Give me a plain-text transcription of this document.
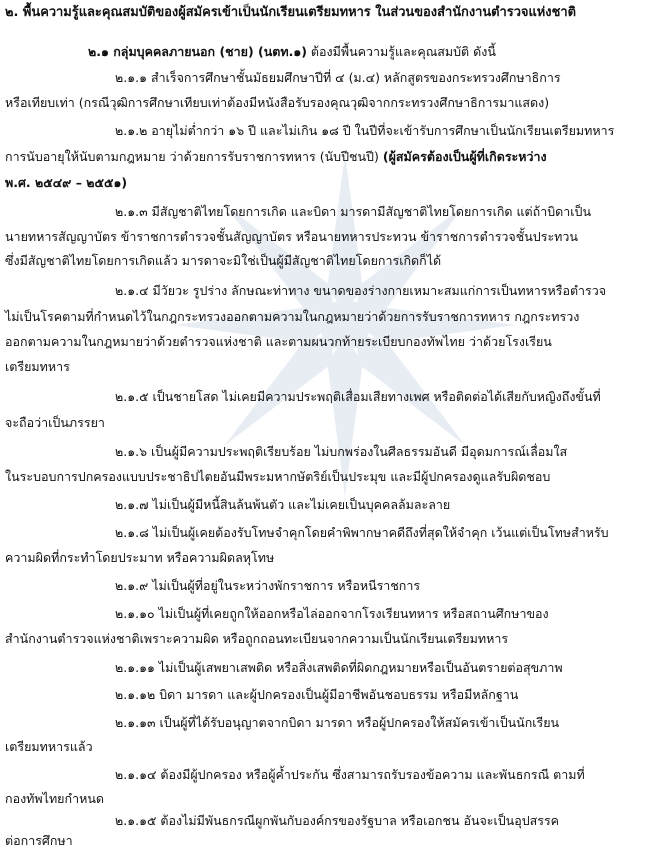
๒. พื้นความรู้และคุณสมบัติของผู้สมัครเข้าเป็นนักเรียนเตรียมทหาร ในส่วนของสำนักงานตำรวจแห่งชาติ

๒.๑ กลุ่มบุคคลภายนอก (ชาย) (นตท.๑) ต้องมีพื้นความรู้และคุณสมบัติ ดังนี้

๒.๑.๑ สำเร็จการศึกษาชั้นมัธยมศึกษาปีที่ ๔ (ม.๔) หลักสูตรของกระทรวงศึกษาธิการ

หรือเทียบเท่า (กรณีวุฒิการศึกษาเทียบเท่าต้องมีหนังสือรับรองคุณวุฒิจากกระทรวงศึกษาธิการมาแสดง)

๒.๑.๒ อายุไม่ต่ำกว่า ๑๖ ปี และไม่เกิน ๑๘ ปี ในปีที่จะเข้ารับการศึกษาเป็นนักเรียนเตรียมทหาร

การนับอายุให้นับตามกฎหมาย ว่าด้วยการรับราชการทหาร (นับปีชนปี) (ผู้สมัครต้องเป็นผู้ที่เกิดระหว่าง

พ.ศ. ๒๕๔๙ – ๒๕๕๑)

๒.๑.๓ มีสัญชาติไทยโดยการเกิด และบิดา มารดามีสัญชาติไทยโดยการเกิด แต่ถ้าบิดาเป็น

นายทหารสัญญาบัตร ข้าราชการตำรวจชั้นสัญญาบัตร หรือนายทหารประทวน ข้าราชการตำรวจชั้นประทวน

ซึ่งมีสัญชาติไทยโดยการเกิดแล้ว มารดาจะมิใช่เป็นผู้มีสัญชาติไทยโดยการเกิดก็ได้

๒.๑.๔ มีวัยวะ รูปร่าง ลักษณะท่าทาง ขนาดของร่างกายเหมาะสมแก่การเป็นทหารหรือตำรวจ

ไม่เป็นโรคตามที่กำหนดไว้ในกฎกระทรวงออกตามความในกฎหมายว่าด้วยการรับราชการทหาร กฎกระทรวง

ออกตามความในกฎหมายว่าด้วยตำรวจแห่งชาติ และตามผนวกท้ายระเบียบกองทัพไทย ว่าด้วยโรงเรียน

เตรียมทหาร

๒.๑.๕ เป็นชายโสด ไม่เคยมีความประพฤติเสื่อมเสียทางเพศ หรือติดต่อได้เสียกับหญิงถึงขั้นที่

จะถือว่าเป็นภรรยา

๒.๑.๖ เป็นผู้มีความประพฤติเรียบร้อย ไม่บกพร่องในศีลธรรมอันดี มีอุดมการณ์เลื่อมใส

ในระบอบการปกครองแบบประชาธิปไตยอันมีพระมหากษัตริย์เป็นประมุข และมีผู้ปกครองดูแลรับผิดชอบ

๒.๑.๗ ไม่เป็นผู้มีหนี้สินล้นพ้นตัว และไม่เคยเป็นบุคคลล้มละลาย

๒.๑.๘ ไม่เป็นผู้เคยต้องรับโทษจำคุกโดยคำพิพากษาคดีถึงที่สุดให้จำคุก เว้นแต่เป็นโทษสำหรับ

ความผิดที่กระทำโดยประมาท หรือความผิดลหุโทษ

๒.๑.๙ ไม่เป็นผู้ที่อยู่ในระหว่างพักราชการ หรือหนีราชการ

๒.๑.๑๐ ไม่เป็นผู้ที่เคยถูกให้ออกหรือไล่ออกจากโรงเรียนทหาร หรือสถานศึกษาของ

สำนักงานตำรวจแห่งชาติเพราะความผิด หรือถูกถอนทะเบียนจากความเป็นนักเรียนเตรียมทหาร

๒.๑.๑๑ ไม่เป็นผู้เสพยาเสพติด หรือสิ่งเสพติดที่ผิดกฎหมายหรือเป็นอันตรายต่อสุขภาพ

๒.๑.๑๒ บิดา มารดา และผู้ปกครองเป็นผู้มีอาชีพอันชอบธรรม หรือมีหลักฐาน

๒.๑.๑๓ เป็นผู้ที่ได้รับอนุญาตจากบิดา มารดา หรือผู้ปกครองให้สมัครเข้าเป็นนักเรียน

เตรียมทหารแล้ว

๒.๑.๑๔ ต้องมีผู้ปกครอง หรือผู้ค้ำประกัน ซึ่งสามารถรับรองข้อความ และพันธกรณี ตามที่

กองทัพไทยกำหนด

๒.๑.๑๕ ต้องไม่มีพันธกรณีผูกพันกับองค์กรของรัฐบาล หรือเอกชน อันจะเป็นอุปสรรค

ต่อการศึกษา
